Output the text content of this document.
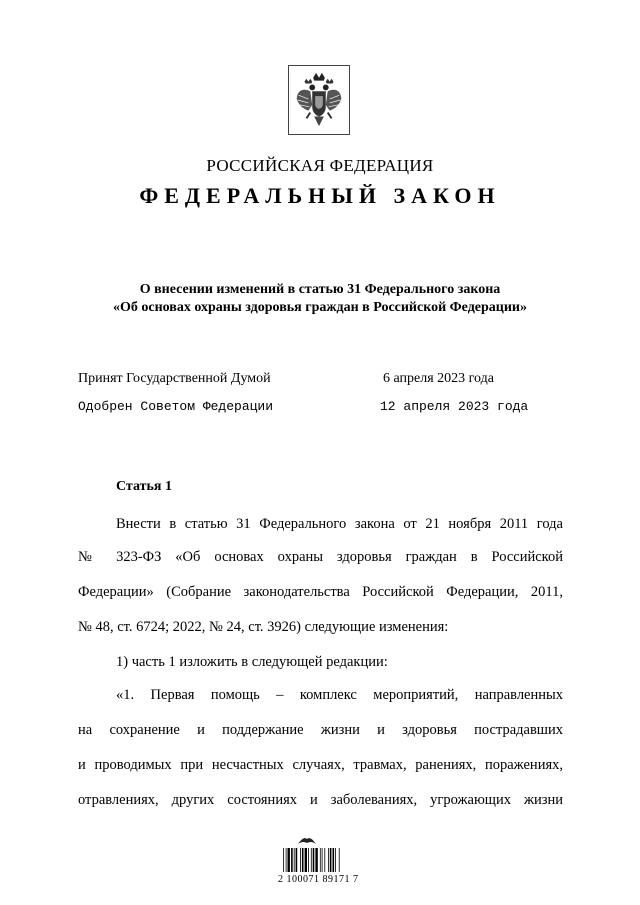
РОССИЙСКАЯ ФЕДЕРАЦИЯ
ФЕДЕРАЛЬНЫЙ ЗАКОН
О внесении изменений в статью 31 Федерального закона
«Об основах охраны здоровья граждан в Российской Федерации»
Принят Государственной Думой	6 апреля 2023 года
Одобрен Советом Федерации	12 апреля 2023 года
Статья 1
Внести в статью 31 Федерального закона от 21 ноября 2011 года
№ 323-ФЗ «Об основах охраны здоровья граждан в Российской
Федерации» (Собрание законодательства Российской Федерации, 2011,
№ 48, ст. 6724; 2022, № 24, ст. 3926) следующие изменения:
1) часть 1 изложить в следующей редакции:
«1. Первая помощь – комплекс мероприятий, направленных
на сохранение и поддержание жизни и здоровья пострадавших
и проводимых при несчастных случаях, травмах, ранениях, поражениях,
отравлениях, других состояниях и заболеваниях, угрожающих жизни
2 100071 89171 7
